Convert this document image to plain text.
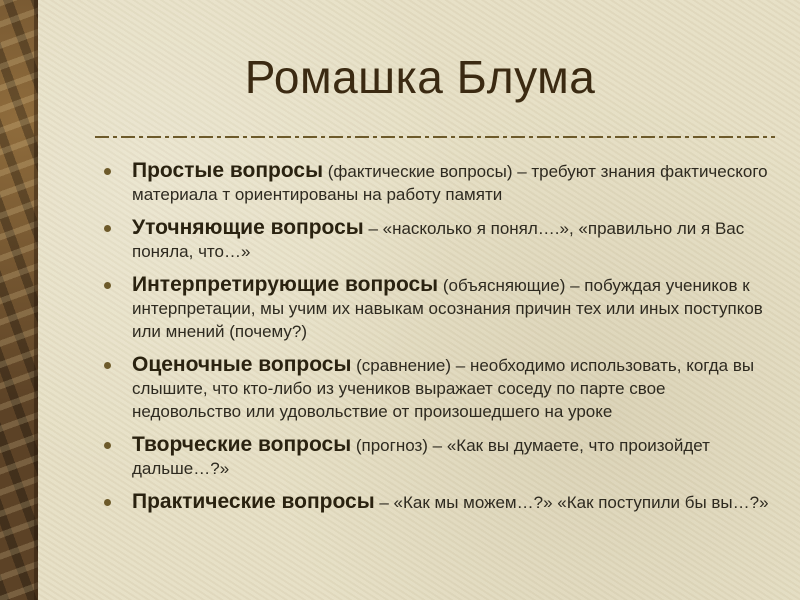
Ромашка Блума
Простые вопросы (фактические вопросы) – требуют знания фактического материала т ориентированы на работу памяти
Уточняющие вопросы – «насколько я понял….», «правильно ли я Вас поняла, что…»
Интерпретирующие вопросы (объясняющие) – побуждая учеников к интерпретации, мы учим их навыкам осознания причин тех или иных поступков или мнений (почему?)
Оценочные вопросы (сравнение) – необходимо использовать, когда вы слышите, что кто-либо из учеников выражает соседу по парте свое недовольство или удовольствие от произошедшего на уроке
Творческие вопросы (прогноз) – «Как вы думаете, что произойдет дальше…?»
Практические вопросы – «Как мы можем…?» «Как поступили бы вы…?»
